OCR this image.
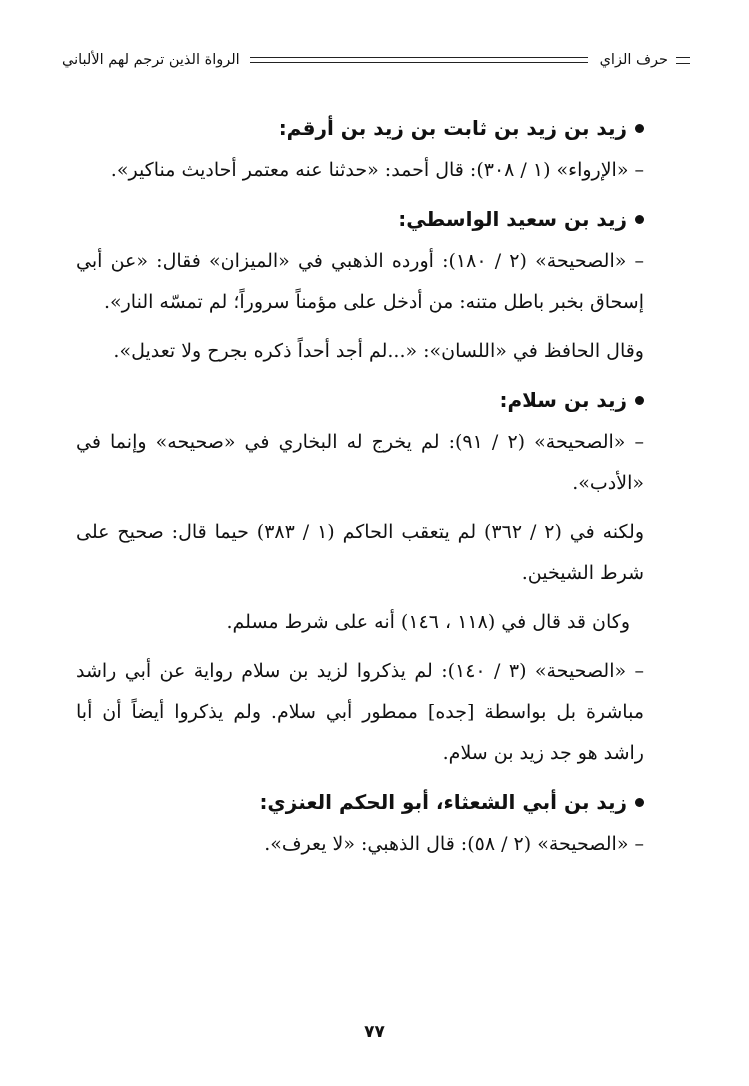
حرف الزاي
الرواة الذين ترجم لهم الألباني
زيد بن زيد بن ثابت بن زيد بن أرقم:

– «الإرواء» (١ / ٣٠٨): قال أحمد: «حدثنا عنه معتمر أحاديث مناكير».

زيد بن سعيد الواسطي:

– «الصحيحة» (٢ / ١٨٠): أورده الذهبي في «الميزان» فقال: «عن أبي إسحاق بخبر باطل متنه: من أدخل على مؤمناً سروراً؛ لم تمسّه النار».

وقال الحافظ في «اللسان»: «...لم أجد أحداً ذكره بجرح ولا تعديل».

زيد بن سلام:

– «الصحيحة» (٢ / ٩١): لم يخرج له البخاري في «صحيحه» وإنما في «الأدب».

ولكنه في (٢ / ٣٦٢) لم يتعقب الحاكم (١ / ٣٨٣) حيما قال: صحيح على شرط الشيخين.

وكان قد قال في (١١٨ ، ١٤٦) أنه على شرط مسلم.

– «الصحيحة» (٣ / ١٤٠): لم يذكروا لزيد بن سلام رواية عن أبي راشد مباشرة بل بواسطة [جده] ممطور أبي سلام. ولم يذكروا أيضاً أن أبا راشد هو جد زيد بن سلام.

زيد بن أبي الشعثاء، أبو الحكم العنزي:

– «الصحيحة» (٢ / ٥٨): قال الذهبي: «لا يعرف».

٧٧
